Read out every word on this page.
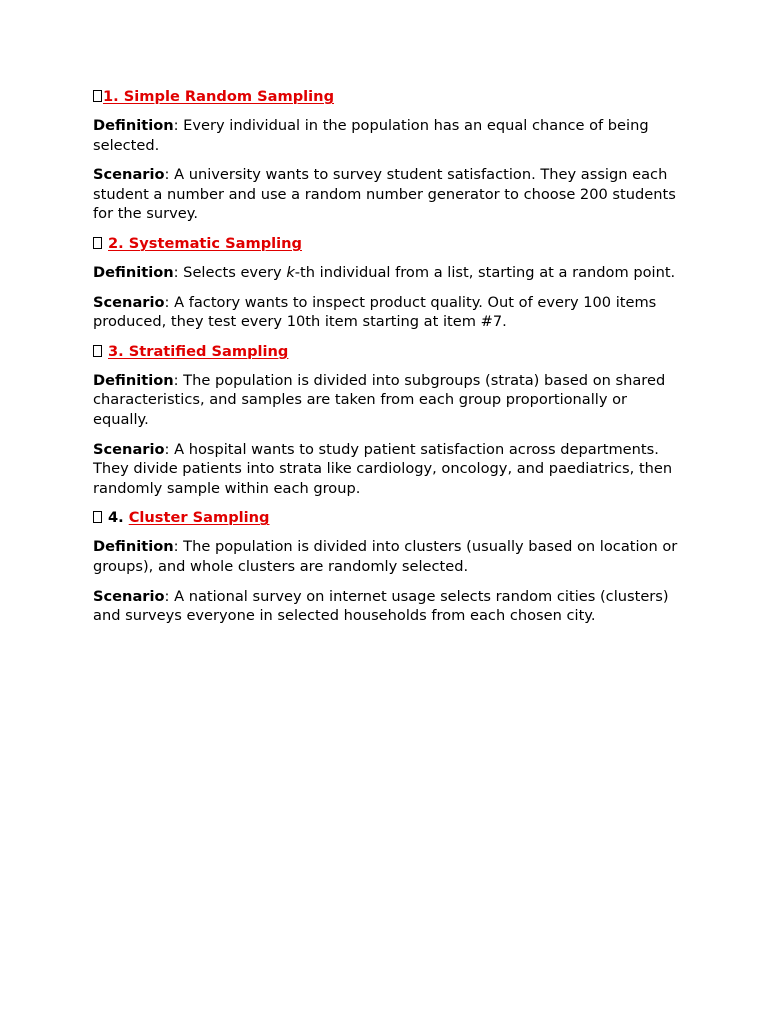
1. Simple Random Sampling

Definition: Every individual in the population has an equal chance of being selected.

Scenario: A university wants to survey student satisfaction. They assign each student a number and use a random number generator to choose 200 students for the survey.

2. Systematic Sampling

Definition: Selects every k-th individual from a list, starting at a random point.

Scenario: A factory wants to inspect product quality. Out of every 100 items produced, they test every 10th item starting at item #7.

3. Stratified Sampling

Definition: The population is divided into subgroups (strata) based on shared characteristics, and samples are taken from each group proportionally or equally.

Scenario: A hospital wants to study patient satisfaction across departments. They divide patients into strata like cardiology, oncology, and paediatrics, then randomly sample within each group.

4. Cluster Sampling

Definition: The population is divided into clusters (usually based on location or groups), and whole clusters are randomly selected.

Scenario: A national survey on internet usage selects random cities (clusters) and surveys everyone in selected households from each chosen city.
